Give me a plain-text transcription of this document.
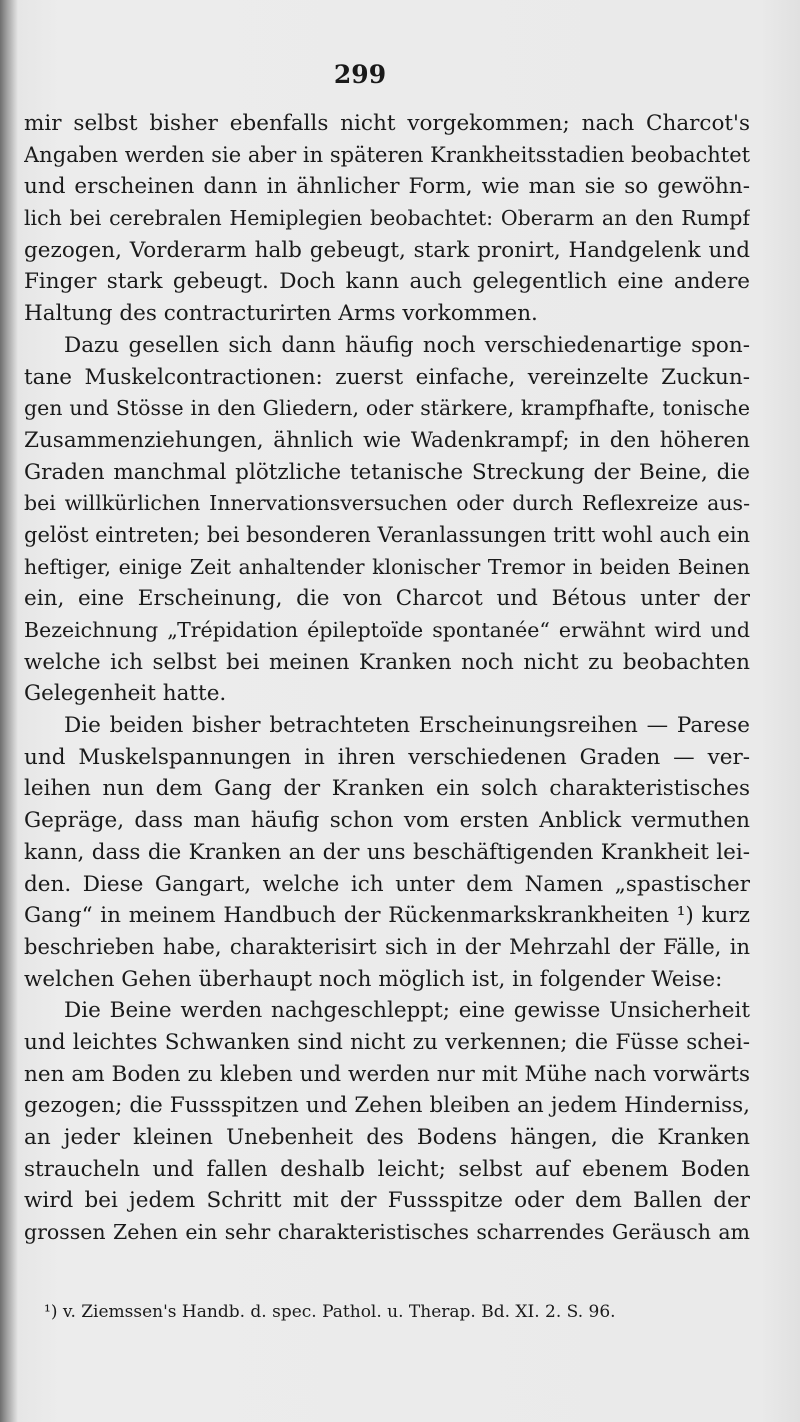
299
mir selbst bisher ebenfalls nicht vorgekommen; nach Charcot's
Angaben werden sie aber in späteren Krankheitsstadien beobachtet
und erscheinen dann in ähnlicher Form, wie man sie so gewöhn-
lich bei cerebralen Hemiplegien beobachtet: Oberarm an den Rumpf
gezogen, Vorderarm halb gebeugt, stark pronirt, Handgelenk und
Finger stark gebeugt. Doch kann auch gelegentlich eine andere
Haltung des contracturirten Arms vorkommen.
Dazu gesellen sich dann häufig noch verschiedenartige spon-
tane Muskelcontractionen: zuerst einfache, vereinzelte Zuckun-
gen und Stösse in den Gliedern, oder stärkere, krampfhafte, tonische
Zusammenziehungen, ähnlich wie Wadenkrampf; in den höheren
Graden manchmal plötzliche tetanische Streckung der Beine, die
bei willkürlichen Innervationsversuchen oder durch Reflexreize aus-
gelöst eintreten; bei besonderen Veranlassungen tritt wohl auch ein
heftiger, einige Zeit anhaltender klonischer Tremor in beiden Beinen
ein, eine Erscheinung, die von Charcot und Bétous unter der
Bezeichnung „Trépidation épileptoïde spontanée“ erwähnt wird und
welche ich selbst bei meinen Kranken noch nicht zu beobachten
Gelegenheit hatte.
Die beiden bisher betrachteten Erscheinungsreihen — Parese
und Muskelspannungen in ihren verschiedenen Graden — ver-
leihen nun dem Gang der Kranken ein solch charakteristisches
Gepräge, dass man häufig schon vom ersten Anblick vermuthen
kann, dass die Kranken an der uns beschäftigenden Krankheit lei-
den. Diese Gangart, welche ich unter dem Namen „spastischer
Gang“ in meinem Handbuch der Rückenmarkskrankheiten ¹) kurz
beschrieben habe, charakterisirt sich in der Mehrzahl der Fälle, in
welchen Gehen überhaupt noch möglich ist, in folgender Weise:
Die Beine werden nachgeschleppt; eine gewisse Unsicherheit
und leichtes Schwanken sind nicht zu verkennen; die Füsse schei-
nen am Boden zu kleben und werden nur mit Mühe nach vorwärts
gezogen; die Fussspitzen und Zehen bleiben an jedem Hinderniss,
an jeder kleinen Unebenheit des Bodens hängen, die Kranken
straucheln und fallen deshalb leicht; selbst auf ebenem Boden
wird bei jedem Schritt mit der Fussspitze oder dem Ballen der
grossen Zehen ein sehr charakteristisches scharrendes Geräusch am
¹) v. Ziemssen's Handb. d. spec. Pathol. u. Therap. Bd. XI. 2. S. 96.
